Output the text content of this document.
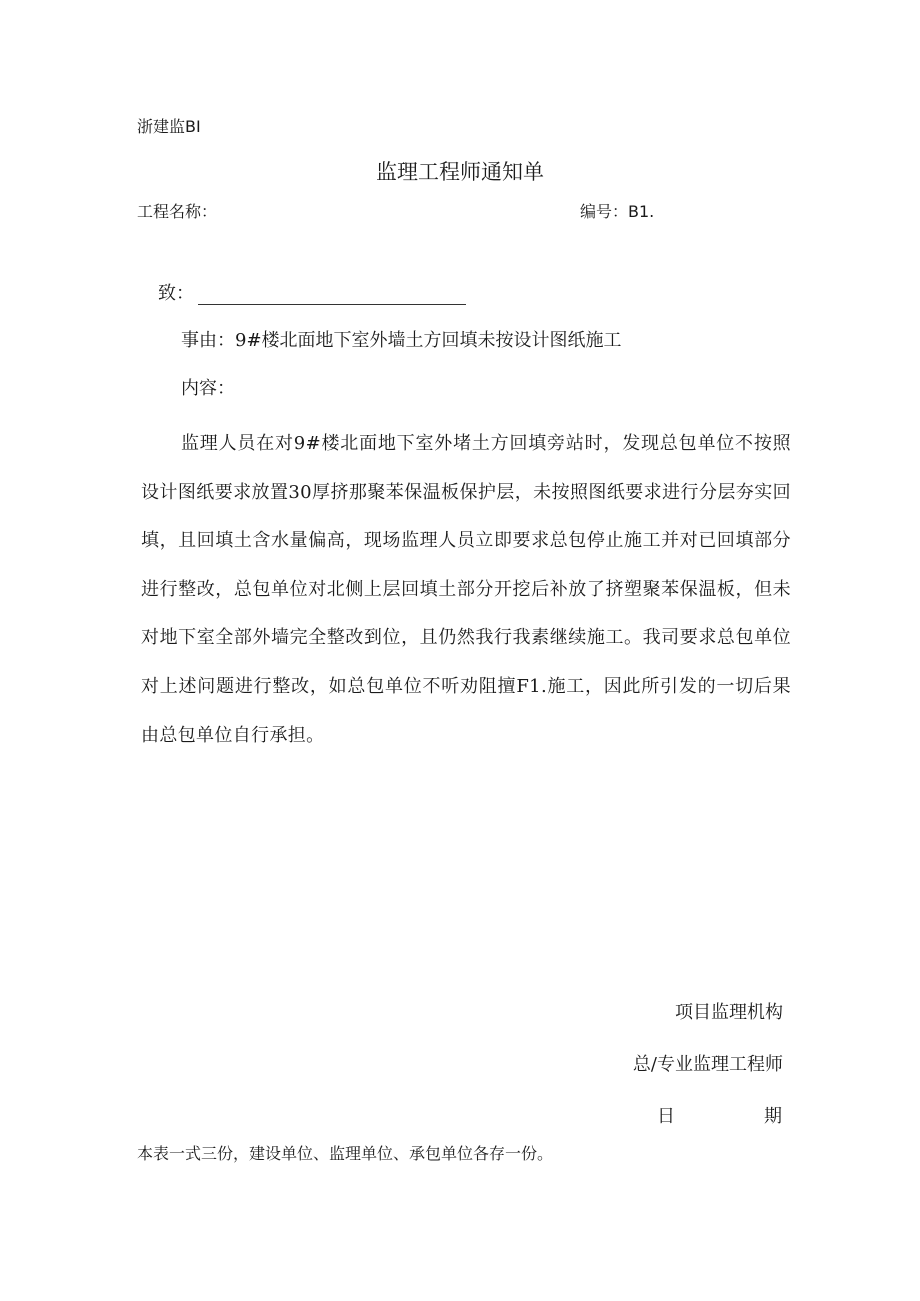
浙建监BI
监理工程师通知单
工程名称：	编号：B1.
致：
事由：9#楼北面地下室外墙土方回填未按设计图纸施工
内容：
监理人员在对9#楼北面地下室外堵土方回填旁站时，发现总包单位不按照设计图纸要求放置30厚挤那聚苯保温板保护层，未按照图纸要求进行分层夯实回填，且回填土含水量偏高，现场监理人员立即要求总包停止施工并对已回填部分进行整改，总包单位对北侧上层回填土部分开挖后补放了挤塑聚苯保温板，但未对地下室全部外墙完全整改到位，且仍然我行我素继续施工。我司要求总包单位对上述问题进行整改，如总包单位不听劝阻擅F1.施工，因此所引发的一切后果由总包单位自行承担。
项目监理机构
总/专业监理工程师
日	期
本表一式三份，建设单位、监理单位、承包单位各存一份。
